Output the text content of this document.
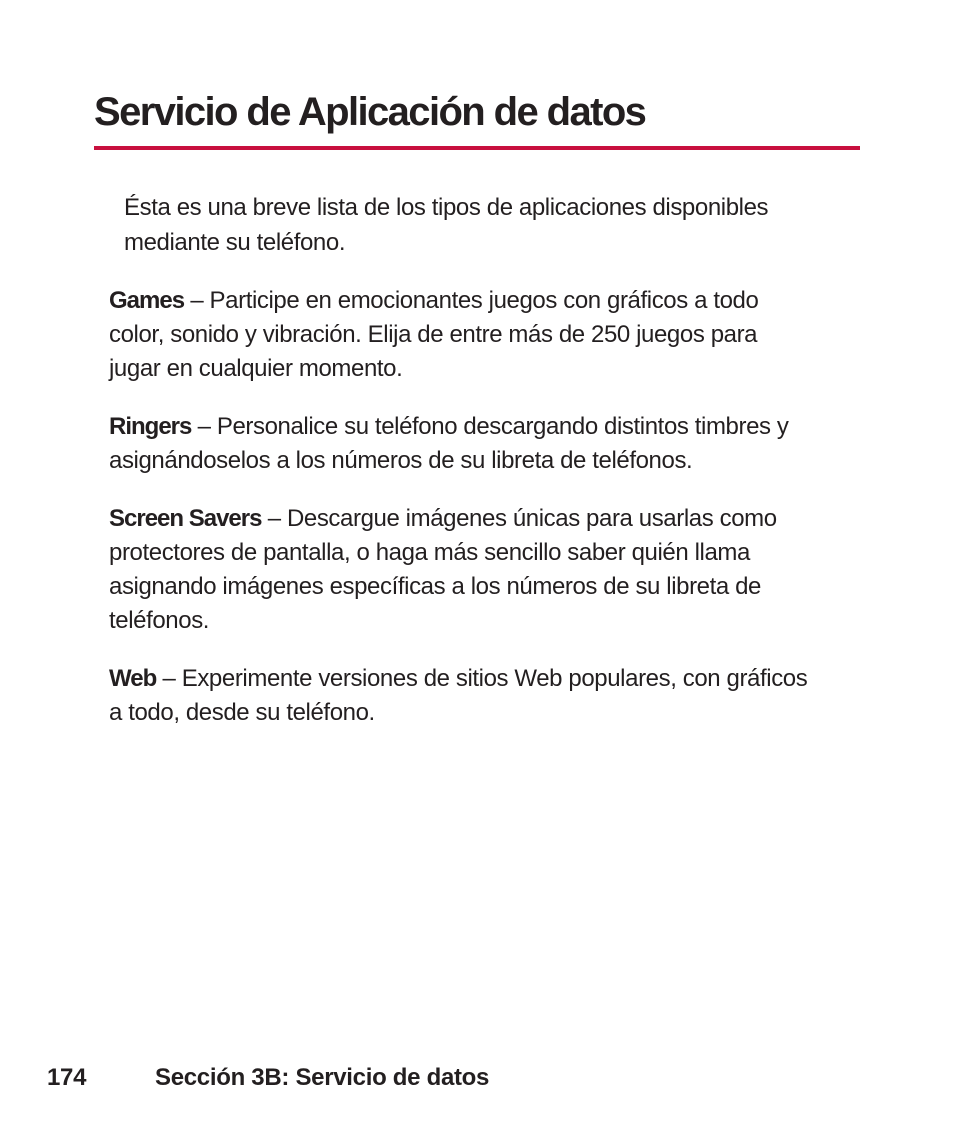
Servicio de Aplicación de datos

Ésta es una breve lista de los tipos de aplicaciones disponibles mediante su teléfono.

Games – Participe en emocionantes juegos con gráficos a todo color, sonido y vibración. Elija de entre más de 250 juegos para jugar en cualquier momento.

Ringers – Personalice su teléfono descargando distintos timbres y asignándoselos a los números de su libreta de teléfonos.

Screen Savers – Descargue imágenes únicas para usarlas como protectores de pantalla, o haga más sencillo saber quién llama asignando imágenes específicas a los números de su libreta de teléfonos.

Web – Experimente versiones de sitios Web populares, con gráficos a todo, desde su teléfono.

174	Sección 3B: Servicio de datos
